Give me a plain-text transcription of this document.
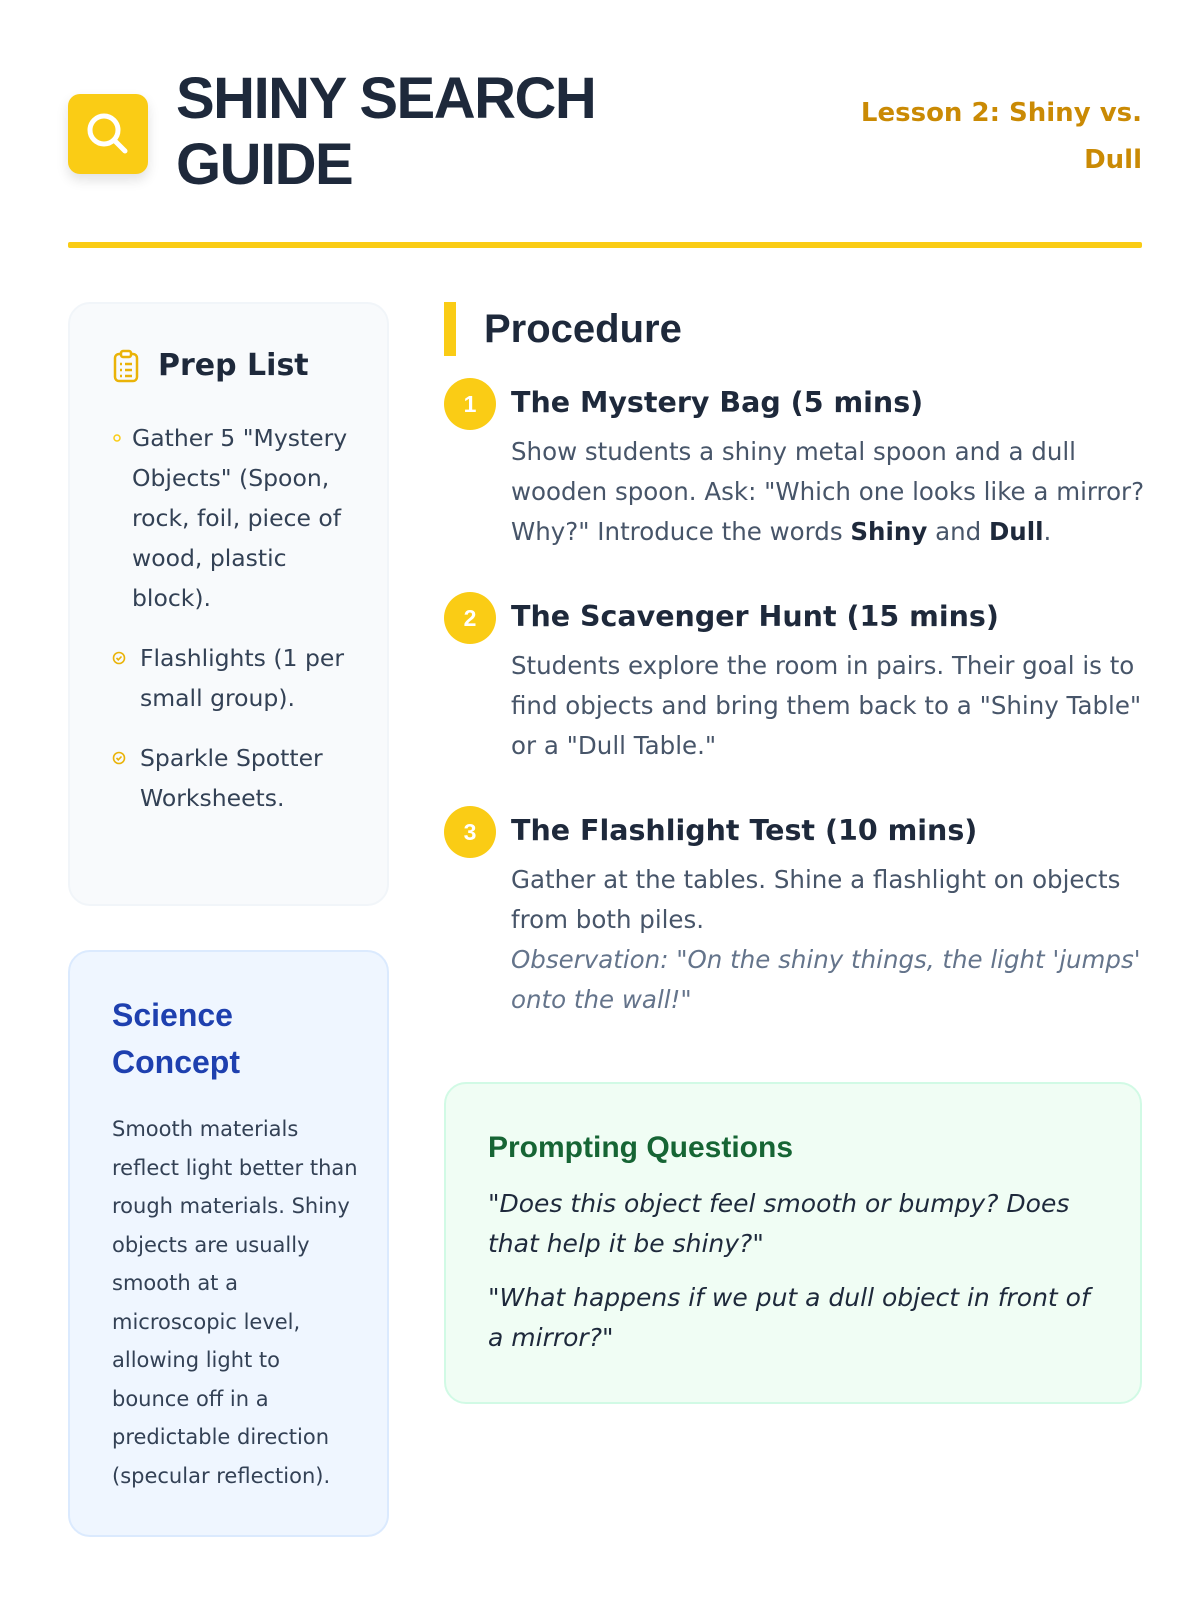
SHINY SEARCH GUIDE
Lesson 2: Shiny vs. Dull
Prep List
Gather 5 "Mystery Objects" (Spoon, rock, foil, piece of wood, plastic block).
Flashlights (1 per small group).
Sparkle Spotter Worksheets.
Science Concept
Smooth materials reflect light better than rough materials. Shiny objects are usually smooth at a microscopic level, allowing light to bounce off in a predictable direction (specular reflection).
Procedure
1	The Mystery Bag (5 mins)
Show students a shiny metal spoon and a dull wooden spoon. Ask: "Which one looks like a mirror? Why?" Introduce the words Shiny and Dull.
2	The Scavenger Hunt (15 mins)
Students explore the room in pairs. Their goal is to find objects and bring them back to a "Shiny Table" or a "Dull Table."
3	The Flashlight Test (10 mins)
Gather at the tables. Shine a flashlight on objects from both piles.
Observation: "On the shiny things, the light 'jumps' onto the wall!"
Prompting Questions
"Does this object feel smooth or bumpy? Does that help it be shiny?"
"What happens if we put a dull object in front of a mirror?"
